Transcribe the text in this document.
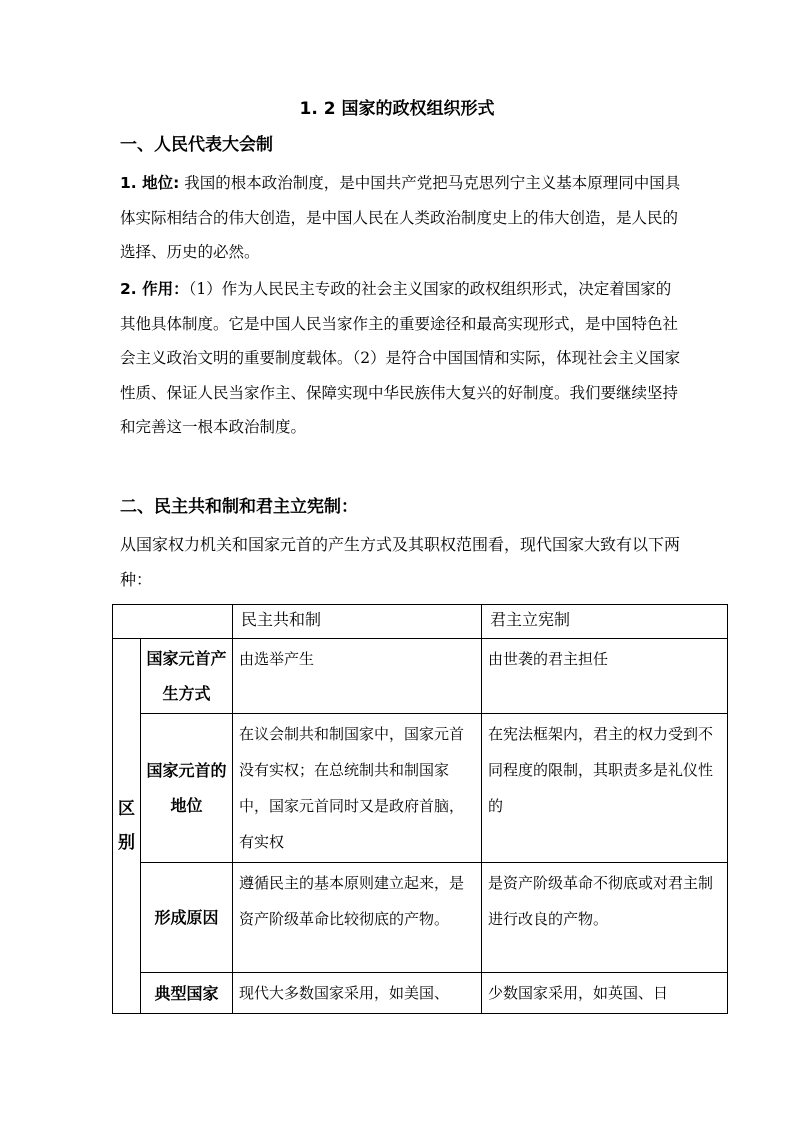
1. 2 国家的政权组织形式
一、人民代表大会制
1. 地位: 我国的根本政治制度，是中国共产党把马克思列宁主义基本原理同中国具体实际相结合的伟大创造，是中国人民在人类政治制度史上的伟大创造，是人民的选择、历史的必然。
2. 作用：（1）作为人民民主专政的社会主义国家的政权组织形式，决定着国家的其他具体制度。它是中国人民当家作主的重要途径和最高实现形式，是中国特色社会主义政治文明的重要制度载体。（2）是符合中国国情和实际，体现社会主义国家性质、保证人民当家作主、保障实现中华民族伟大复兴的好制度。我们要继续坚持和完善这一根本政治制度。
二、民主共和制和君主立宪制：
从国家权力机关和国家元首的产生方式及其职权范围看，现代国家大致有以下两种：
		民主共和制	君主立宪制
区别	国家元首产生方式	由选举产生	由世袭的君主担任
	国家元首的地位	在议会制共和制国家中，国家元首没有实权；在总统制共和制国家中，国家元首同时又是政府首脑，有实权	在宪法框架内，君主的权力受到不同程度的限制，其职责多是礼仪性的
	形成原因	遵循民主的基本原则建立起来，是资产阶级革命比较彻底的产物。	是资产阶级革命不彻底或对君主制进行改良的产物。
	典型国家	现代大多数国家采用，如美国、	少数国家采用，如英国、日
